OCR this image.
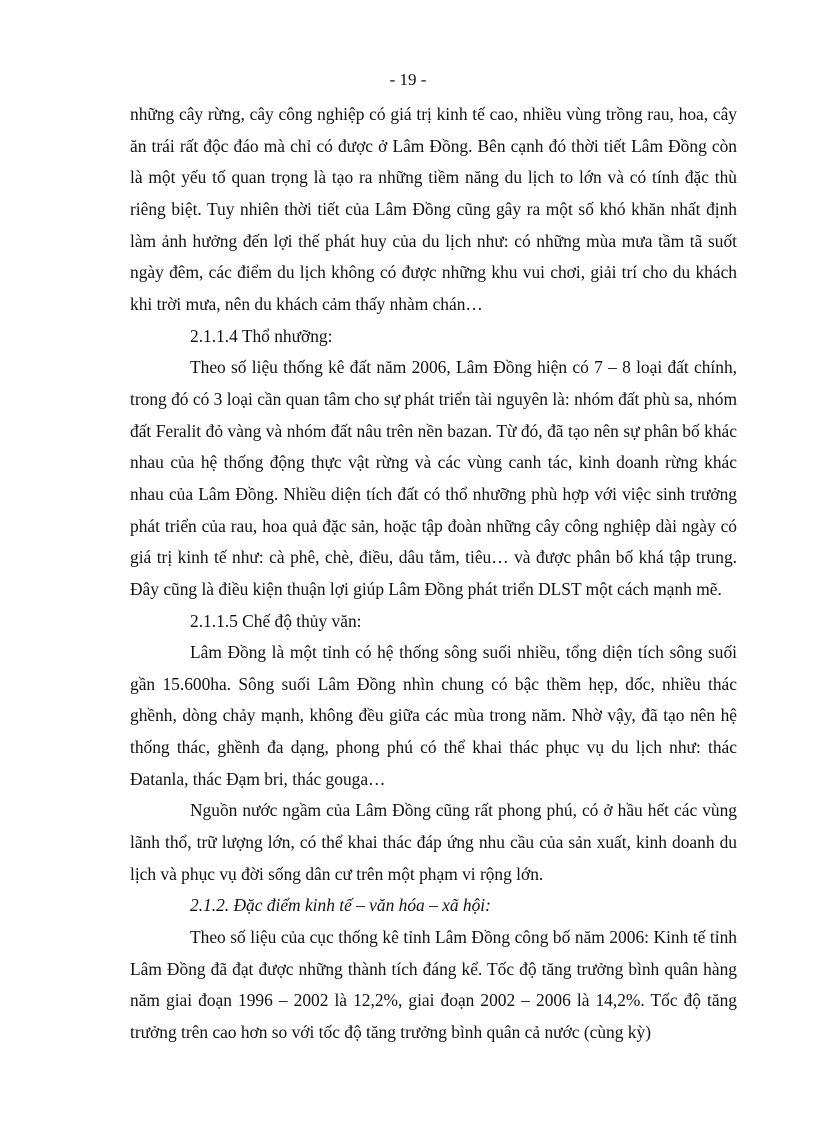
- 19 -

những cây rừng, cây công nghiệp có giá trị kinh tế cao, nhiều vùng trồng rau, hoa, cây ăn trái rất độc đáo mà chỉ có được ở Lâm Đồng. Bên cạnh đó thời tiết Lâm Đồng còn là một yếu tố quan trọng là tạo ra những tiềm năng du lịch to lớn và có tính đặc thù riêng biệt. Tuy nhiên thời tiết của Lâm Đồng cũng gây ra một số khó khăn nhất định làm ảnh hưởng đến lợi thế phát huy của du lịch như: có những mùa mưa tầm tã suốt ngày đêm, các điểm du lịch không có được những khu vui chơi, giải trí cho du khách khi trời mưa, nên du khách cảm thấy nhàm chán…

2.1.1.4 Thổ nhưỡng:

Theo số liệu thống kê đất năm 2006, Lâm Đồng hiện có 7 – 8 loại đất chính, trong đó có 3 loại cần quan tâm cho sự phát triển tài nguyên là: nhóm đất phù sa, nhóm đất Feralit đỏ vàng và nhóm đất nâu trên nền bazan. Từ đó, đã tạo nên sự phân bố khác nhau của hệ thống động thực vật rừng và các vùng canh tác, kinh doanh rừng khác nhau của Lâm Đồng. Nhiều diện tích đất có thổ nhưỡng phù hợp với việc sinh trưởng phát triển của rau, hoa quả đặc sản, hoặc tập đoàn những cây công nghiệp dài ngày có giá trị kinh tế như: cà phê, chè, điều, dâu tằm, tiêu… và được phân bố khá tập trung. Đây cũng là điều kiện thuận lợi giúp Lâm Đồng phát triển DLST một cách mạnh mẽ.

2.1.1.5 Chế độ thủy văn:

Lâm Đồng là một tỉnh có hệ thống sông suối nhiều, tổng diện tích sông suối gần 15.600ha. Sông suối Lâm Đồng nhìn chung có bậc thềm hẹp, dốc, nhiều thác ghềnh, dòng chảy mạnh, không đều giữa các mùa trong năm. Nhờ vậy, đã tạo nên hệ thống thác, ghềnh đa dạng, phong phú có thể khai thác phục vụ du lịch như: thác Đatanla, thác Đạm bri, thác gouga…

Nguồn nước ngầm của Lâm Đồng cũng rất phong phú, có ở hầu hết các vùng lãnh thổ, trữ lượng lớn, có thể khai thác đáp ứng nhu cầu của sản xuất, kinh doanh du lịch và phục vụ đời sống dân cư trên một phạm vi rộng lớn.

2.1.2. Đặc điểm kinh tế – văn hóa – xã hội:

Theo số liệu của cục thống kê tỉnh Lâm Đồng công bố năm 2006: Kinh tế tỉnh Lâm Đồng đã đạt được những thành tích đáng kể. Tốc độ tăng trưởng bình quân hàng năm giai đoạn 1996 – 2002 là 12,2%, giai đoạn 2002 – 2006 là 14,2%. Tốc độ tăng trưởng trên cao hơn so với tốc độ tăng trưởng bình quân cả nước (cùng kỳ)
